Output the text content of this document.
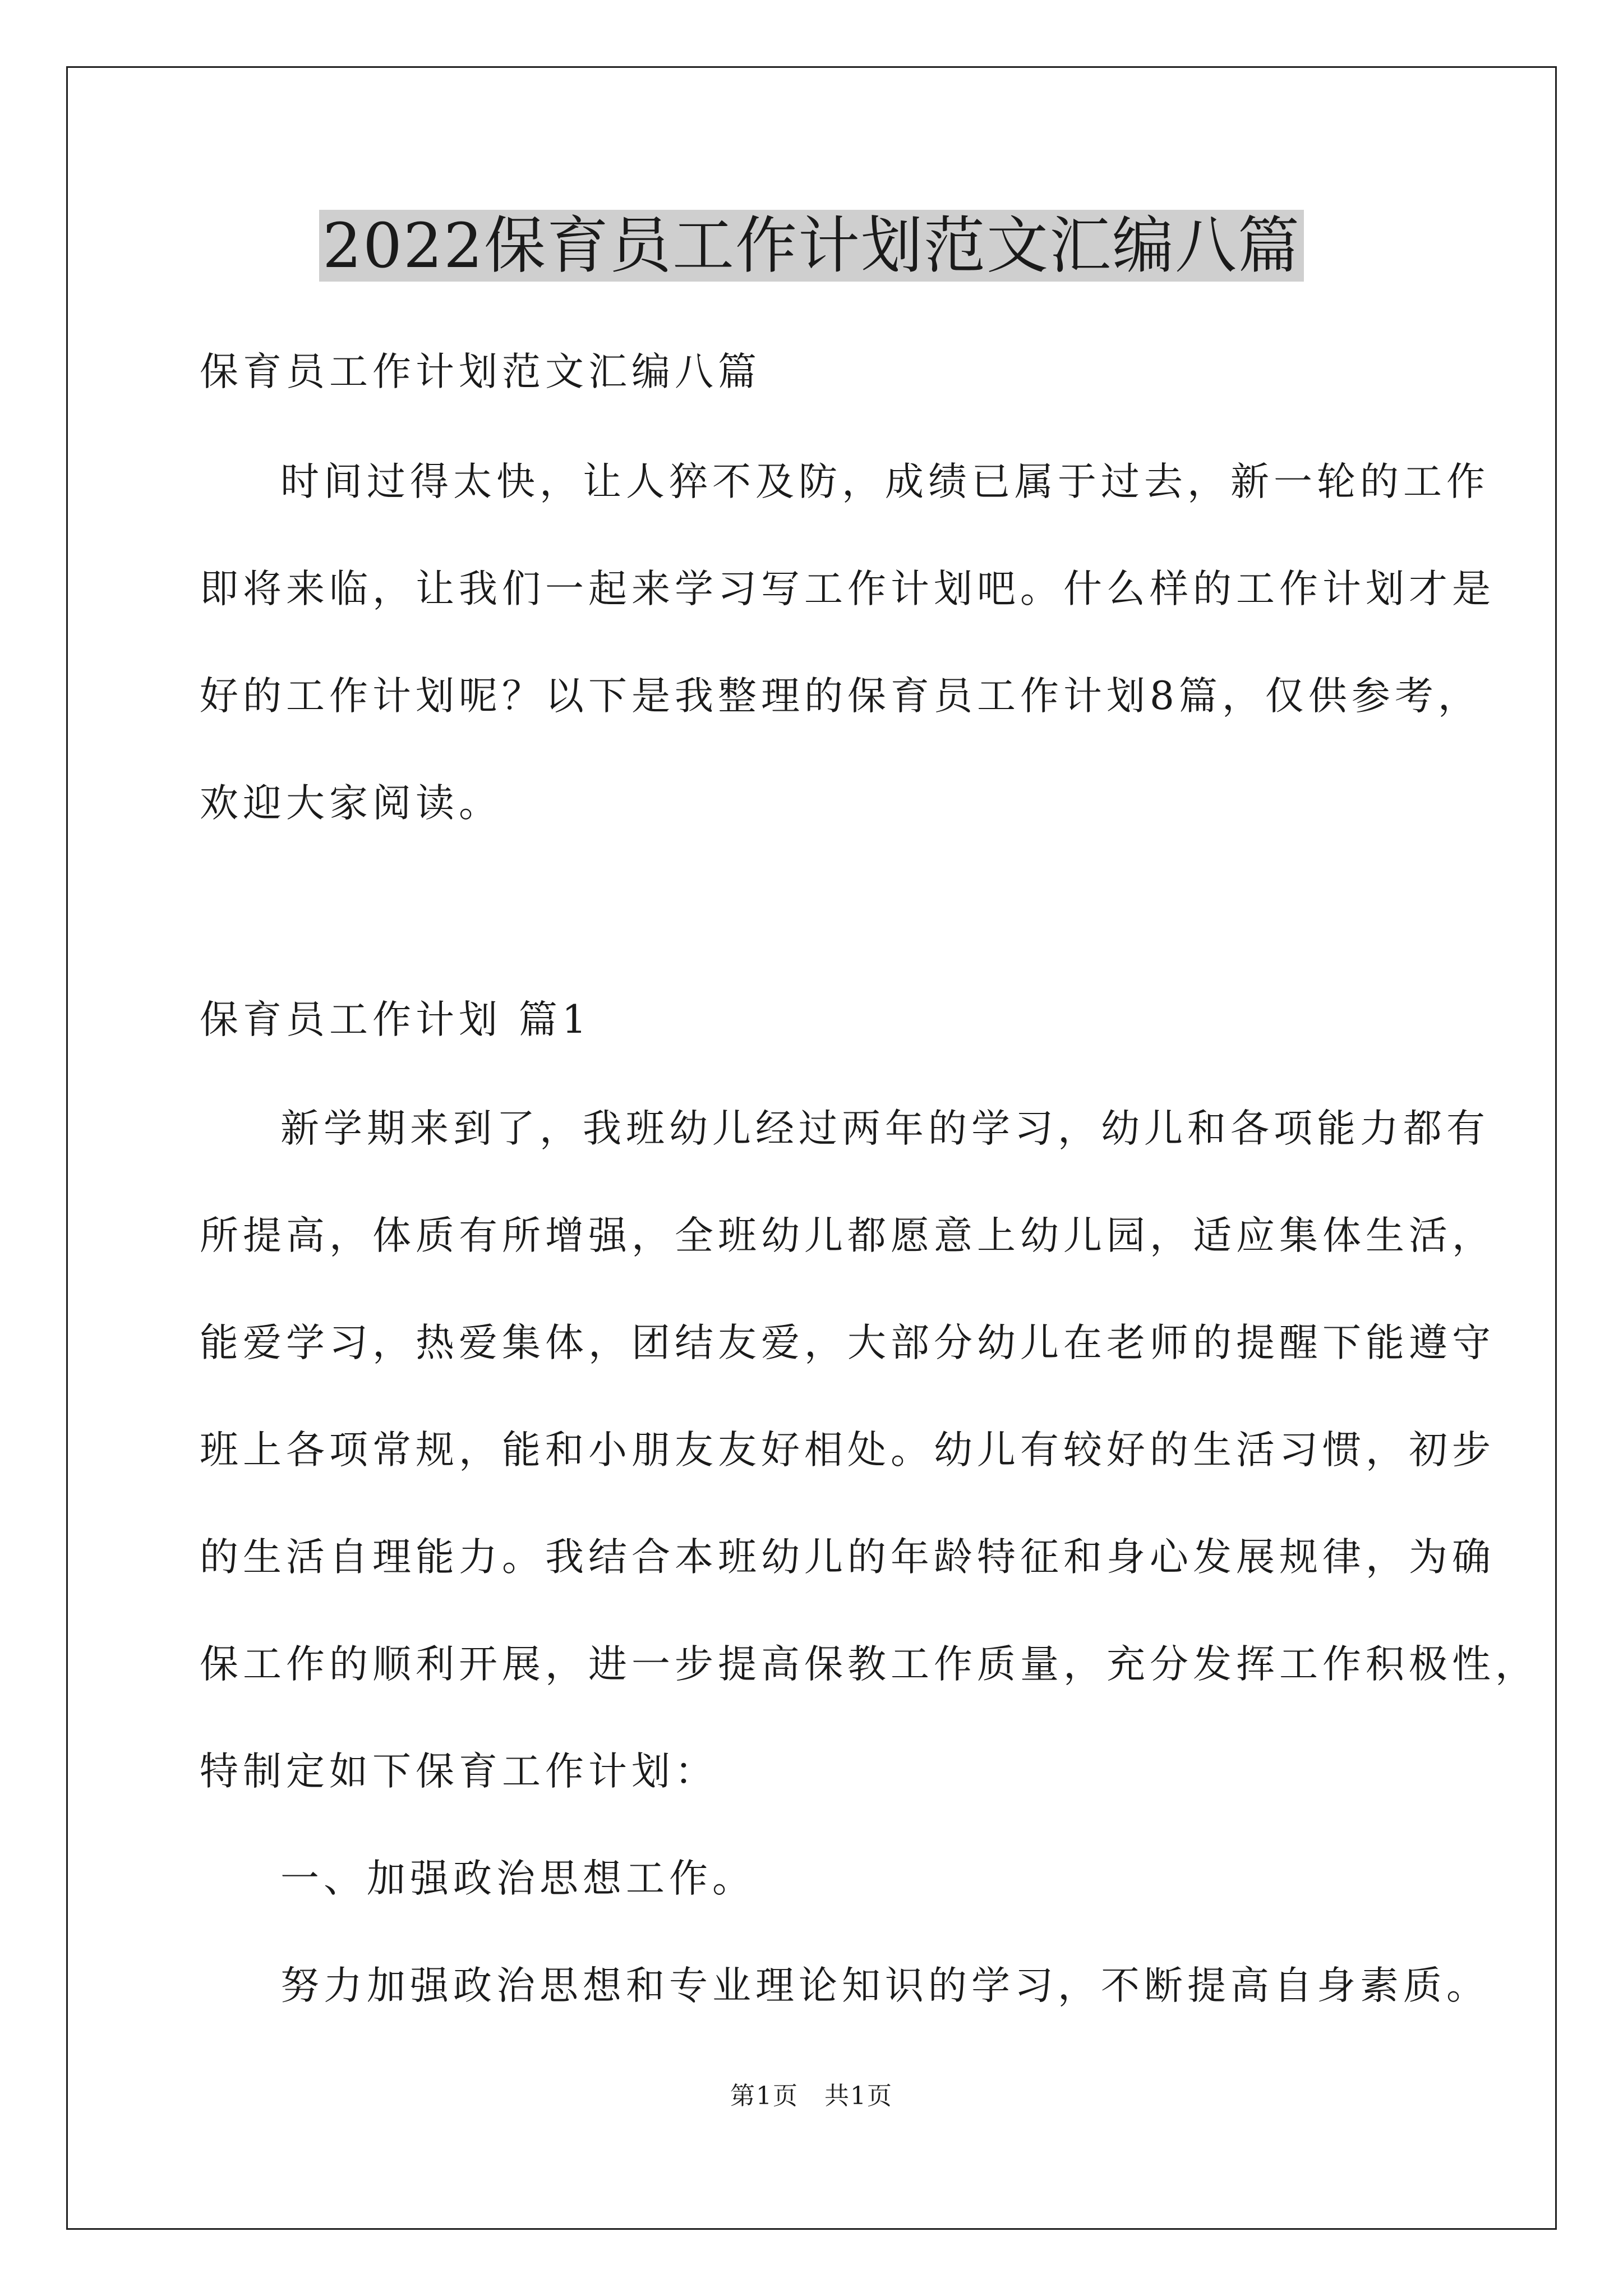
2022保育员工作计划范文汇编八篇
保育员工作计划范文汇编八篇
时间过得太快，让人猝不及防，成绩已属于过去，新一轮的工作
即将来临，让我们一起来学习写工作计划吧。什么样的工作计划才是
好的工作计划呢？以下是我整理的保育员工作计划8篇，仅供参考，
欢迎大家阅读。
保育员工作计划 篇1
新学期来到了，我班幼儿经过两年的学习，幼儿和各项能力都有
所提高，体质有所增强，全班幼儿都愿意上幼儿园，适应集体生活，
能爱学习，热爱集体，团结友爱，大部分幼儿在老师的提醒下能遵守
班上各项常规，能和小朋友友好相处。幼儿有较好的生活习惯，初步
的生活自理能力。我结合本班幼儿的年龄特征和身心发展规律，为确
保工作的顺利开展，进一步提高保教工作质量，充分发挥工作积极性，
特制定如下保育工作计划：
一、加强政治思想工作。
努力加强政治思想和专业理论知识的学习，不断提高自身素质。
第1页　共1页
